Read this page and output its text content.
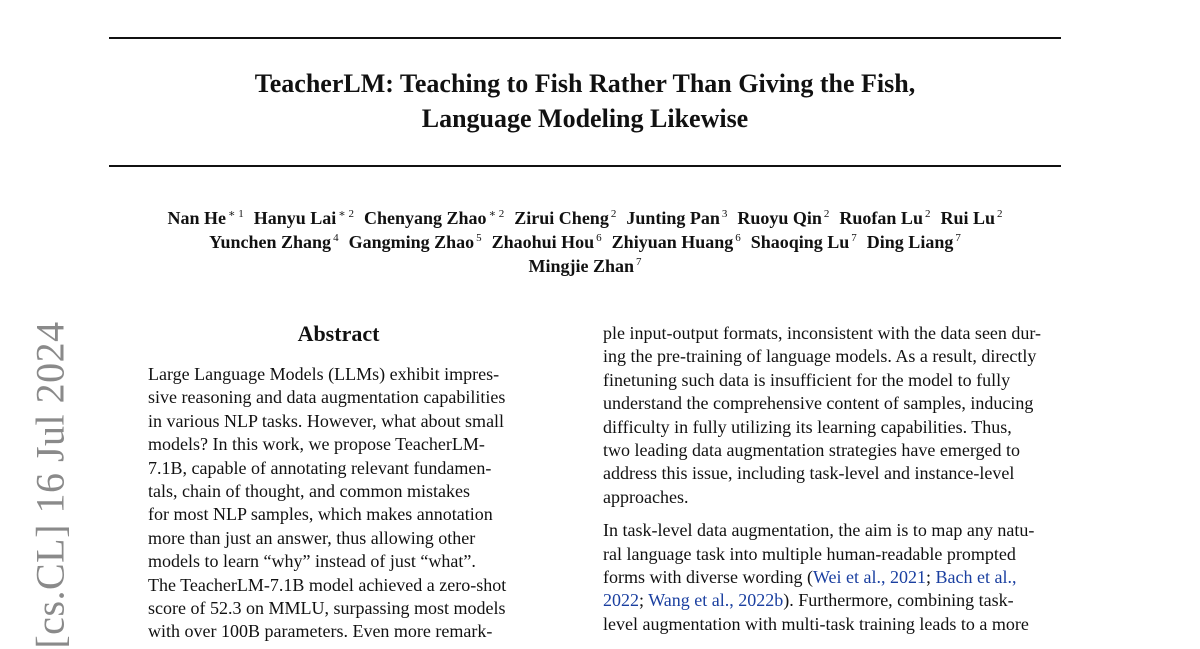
TeacherLM: Teaching to Fish Rather Than Giving the Fish,
Language Modeling Likewise
Nan He $^{∗ 1}$ Hanyu Lai $^{∗ 2}$ Chenyang Zhao $^{∗ 2}$ Zirui Cheng $^2$ Junting Pan $^3$ Ruoyu Qin $^2$ Ruofan Lu $^2$ Rui Lu $^2$
Yunchen Zhang $^4$ Gangming Zhao $^5$ Zhaohui Hou $^6$ Zhiyuan Huang $^6$ Shaoqing Lu $^7$ Ding Liang $^7$
Mingjie Zhan $^7$
[cs.CL] 16 Jul 2024	Abstract
Large Language Models (LLMs) exhibit impres-
sive reasoning and data augmentation capabilities
in various NLP tasks. However, what about small
models? In this work, we propose TeacherLM-
7.1B, capable of annotating relevant fundamen-
tals, chain of thought, and common mistakes
for most NLP samples, which makes annotation
more than just an answer, thus allowing other
models to learn “why” instead of just “what”.
The TeacherLM-7.1B model achieved a zero-shot
score of 52.3 on MMLU, surpassing most models
with over 100B parameters. Even more remark-
ple input-output formats, inconsistent with the data seen dur-
ing the pre-training of language models. As a result, directly
finetuning such data is insufficient for the model to fully
understand the comprehensive content of samples, inducing
difficulty in fully utilizing its learning capabilities. Thus,
two leading data augmentation strategies have emerged to
address this issue, including task-level and instance-level
approaches.
In task-level data augmentation, the aim is to map any natu-
ral language task into multiple human-readable prompted
forms with diverse wording (Wei et al., 2021; Bach et al.,
2022; Wang et al., 2022b). Furthermore, combining task-
level augmentation with multi-task training leads to a more
